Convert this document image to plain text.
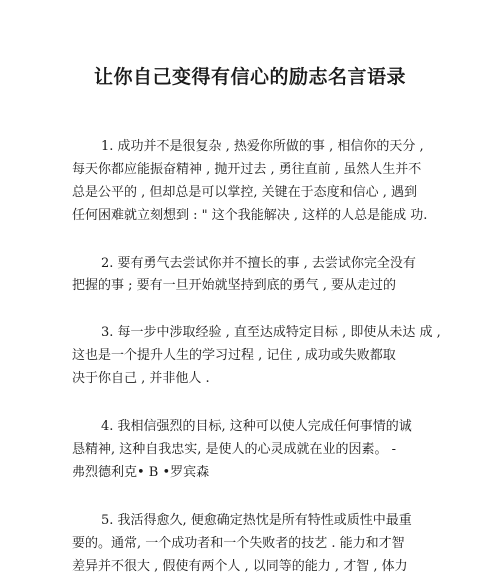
让你自己变得有信心的励志名言语录
1. 成功并不是很复杂 , 热爱你所做的事 , 相信你的天分 ,
每天你都应能振奋精神 , 抛开过去 , 勇往直前 , 虽然人生并不
总是公平的 , 但却总是可以掌控, 关键在于态度和信心 , 遇到
任何困难就立刻想到 : " 这个我能解决 , 这样的人总是能成 功.
2. 要有勇气去尝试你并不擅长的事 , 去尝试你完全没有
把握的事 ; 要有一旦开始就坚持到底的勇气 , 要从走过的
3. 每一步中涉取经验 , 直至达成特定目标 , 即使从未达 成 ,
这也是一个提升人生的学习过程 , 记住 , 成功或失败都取
决于你自己 , 并非他人 .
4. 我相信强烈的目标, 这种可以使人完成任何事情的诚
恳精神, 这种自我忠实, 是使人的心灵成就在业的因素。 -
弗烈德利克• B •罗宾森
5. 我活得愈久, 便愈确定热忱是所有特性或质性中最重
要的。通常, 一个成功者和一个失败者的技艺 . 能力和才智
差异并不很大 , 假使有两个人 , 以同等的能力 , 才智 , 体力
